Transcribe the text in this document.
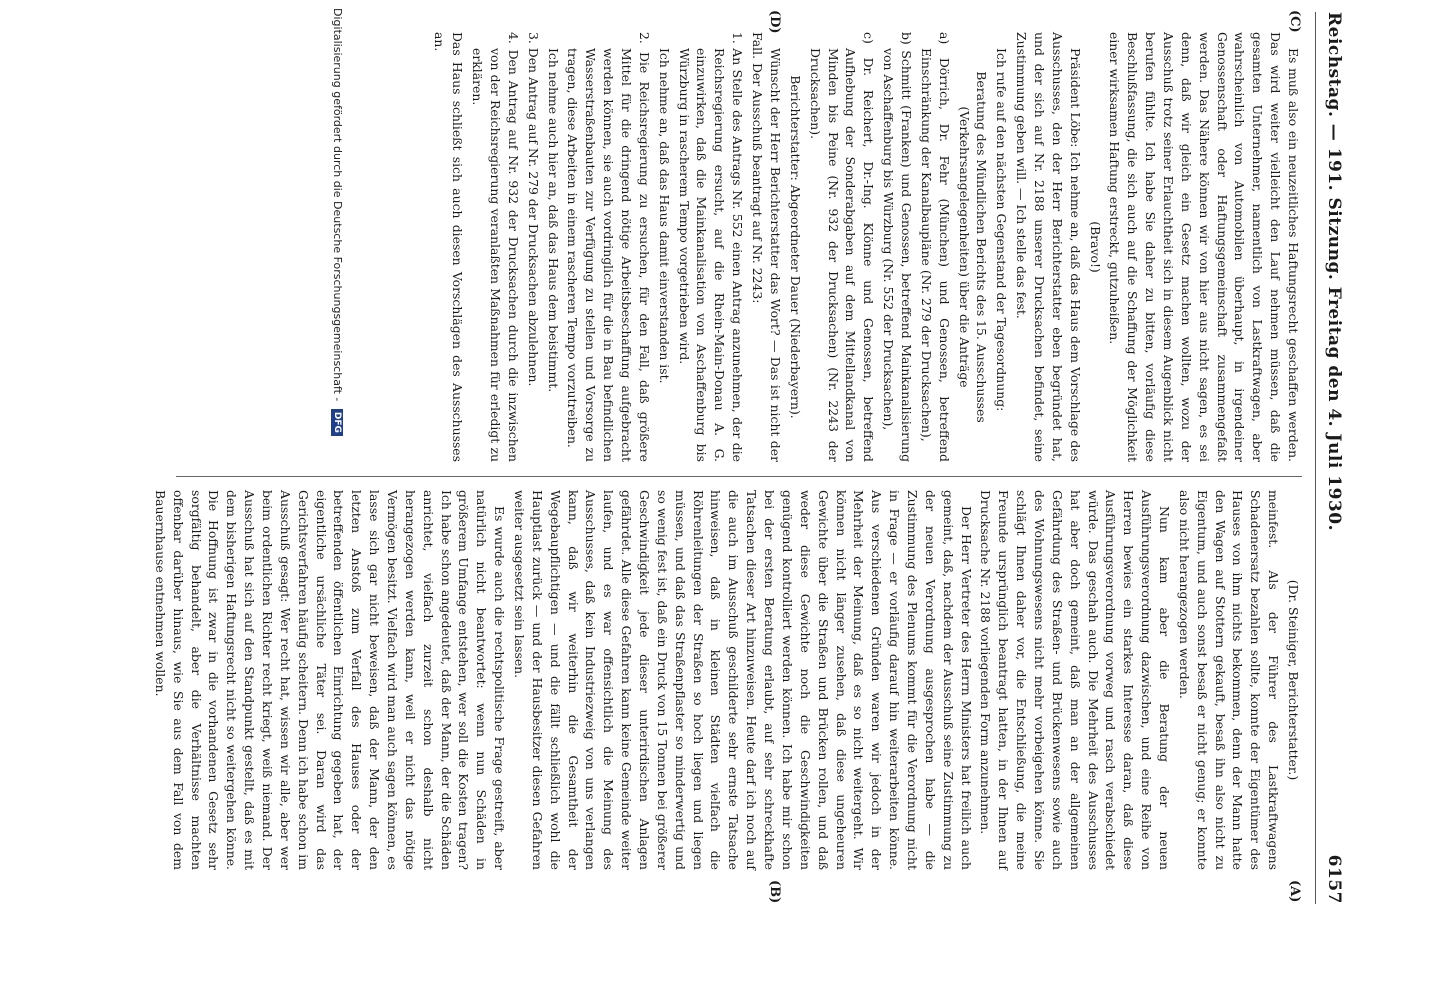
Reichstag. — 191. Sitzung. Freitag den 4. Juli 1930.
6157
(A)
(B)
(C)
(D)

(Dr. Steiniger, Berichterstatter.)

meinfest. Als der Führer des Lastkraftwagens Schadenersatz bezahlen sollte, konnte der Eigentümer des Hauses von ihm nichts bekommen, denn der Mann hatte den Wagen auf Stottern gekauft, besaß ihn also nicht zu Eigentum, und auch sonst besaß er nicht genug; er konnte also nicht herangezogen werden.

Nun kam aber die Beratung der neuen Ausführungsverordnung dazwischen, und eine Reihe von Herren bewies ein starkes Interesse daran, daß diese Ausführungsverordnung vorweg und rasch verabschiedet würde. Das geschah auch. Die Mehrheit des Ausschusses hat aber doch gemeint, daß man an der allgemeinen Gefährdung des Straßen- und Brückenwesens sowie auch des Wohnungswesens nicht mehr vorbeigehen könne. Sie schlägt Ihnen daher vor, die Entschließung, die meine Freunde ursprünglich beantragt hatten, in der Ihnen auf Drucksache Nr. 2188 vorliegenden Form anzunehmen.

Der Herr Vertreter des Herrn Ministers hat freilich auch gemeint, daß, nachdem der Ausschuß seine Zustimmung zu der neuen Verordnung ausgesprochen habe — die Zustimmung des Plenums kommt für die Verordnung nicht in Frage — er vorläufig darauf hin weiterarbeiten könne. Aus verschiedenen Gründen waren wir jedoch in der Mehrheit der Meinung, daß es so nicht weitergeht. Wir können nicht länger zusehen, daß diese ungeheuren Gewichte über die Straßen und Brücken rollen, und daß weder diese Gewichte noch die Geschwindigkeiten genügend kontrolliert werden können. Ich habe mir schon bei der ersten Beratung erlaubt, auf sehr schreckhafte Tatsachen dieser Art hinzuweisen. Heute darf ich noch auf die auch im Ausschuß geschilderte sehr ernste Tatsache hinweisen, daß in kleinen Städten vielfach die Röhrenleitungen der Straßen so hoch liegen und liegen müssen, und daß das Straßenpflaster so minderwertig und so wenig fest ist, daß ein Druck von 15 Tonnen bei größerer Geschwindigkeit jede dieser unterirdischen Anlagen gefährdet. Alle diese Gefahren kann keine Gemeinde weiter laufen, und es war offensichtlich die Meinung des Ausschusses, daß kein Industriezweig von uns verlangen kann, daß wir weiterhin die Gesamtheit der Wegebaupflichtigen — und die fällt schließlich wohl die Hauptlast zurück — und der Hausbesitzer diesen Gefahren weiter ausgesetzt sein lassen.

Es wurde auch die rechtspolitische Frage gestreift, aber natürlich nicht beantwortet: wenn nun Schäden in größerem Umfange entstehen, wer soll die Kosten tragen? Ich habe schon angedeutet, daß der Mann, der die Schäden anrichtet, vielfach zurzeit schon deshalb nicht herangezogen werden kann, weil er nicht das nötige Vermögen besitzt. Vielfach wird man auch sagen können, es lasse sich gar nicht beweisen, daß der Mann, der den letzten Anstoß zum Verfall des Hauses oder der betreffenden öffentlichen Einrichtung gegeben hat, der eigentliche ursächliche Täter sei. Daran wird das Gerichtsverfahren häufig scheitern. Denn ich habe schon im Ausschuß gesagt: Wer recht hat, wissen wir alle, aber wer beim ordentlichen Richter recht kriegt, weiß niemand. Der Ausschuß hat sich auf den Standpunkt gestellt, daß es mit dem bisherigen Haftungsrecht nicht so weitergehen könne. Die Hoffnung ist zwar in die vorhandenen Gesetz sehr sorgfältig behandelt, aber die Verhältnisse machten offenbar darüber hinaus, wie Sie aus dem Fall von dem Bauernhause entnehmen wollen.

Es muß also ein neuzeitliches Haftungsrecht geschaffen werden. Das wird weiter vielleicht den Lauf nehmen müssen, daß die gesamten Unternehmer, namentlich von Lastkraftwagen, aber wahrscheinlich von Automobilen überhaupt, in irgendeiner Genossenschaft oder Haftungsgemeinschaft zusammengefaßt werden. Das Nähere können wir von hier aus nicht sagen, es sei denn, daß wir gleich ein Gesetz machen wollten, wozu der Ausschuß trotz seiner Erlauchtheit sich in diesem Augenblick nicht berufen fühlte. Ich habe Sie daher zu bitten, vorläufig diese Beschlußfassung, die sich auch auf die Schaffung der Möglichkeit einer wirksamen Haftung erstreckt, gutzuheißen.

(Bravo!)

Präsident Löbe: Ich nehme an, daß das Haus dem Vorschlage des Ausschusses, den der Herr Berichterstatter eben begründet hat, und der sich auf Nr. 2188 unserer Drucksachen befindet, seine Zustimmung geben will. — Ich stelle das fest.

Ich rufe auf den nächsten Gegenstand der Tagesordnung:

Beratung des Mündlichen Berichts des 15. Ausschusses (Verkehrsangelegenheiten) über die Anträge

a) Dörrich, Dr. Fehr (München) und Genossen, betreffend Einschränkung der Kanalbaupläne (Nr. 279 der Drucksachen),

b) Schmitt (Franken) und Genossen, betreffend Mainkanalisierung von Aschaffenburg bis Würzburg (Nr. 552 der Drucksachen),

c) Dr. Reichert, Dr.-Ing. Klönne und Genossen, betreffend Aufhebung der Sonderabgaben auf dem Mittellandkanal von Minden bis Peine (Nr. 932 der Drucksachen) (Nr. 2243 der Drucksachen).

Berichterstatter: Abgeordneter Dauer (Niederbayern).

Wünscht der Herr Berichterstatter das Wort? — Das ist nicht der Fall. Der Ausschuß beantragt auf Nr. 2243:

1. An Stelle des Antrags Nr. 552 einen Antrag anzunehmen, der die Reichsregierung ersucht, auf die Rhein-Main-Donau A. G. einzuwirken, daß die Mainkanalisation von Aschaffenburg bis Würzburg in rascherem Tempo vorgetrieben wird.

Ich nehme an, daß das Haus damit einverstanden ist.

2. Die Reichsregierung zu ersuchen, für den Fall, daß größere Mittel für die dringend nötige Arbeitsbeschaffung aufgebracht werden können, sie auch vordringlich für die in Bau befindlichen Wasserstraßenbauten zur Verfügung zu stellen und Vorsorge zu tragen, diese Arbeiten in einem rascheren Tempo vorzutreiben.

Ich nehme auch hier an, daß das Haus dem beistimmt.

3. Den Antrag auf Nr. 279 der Drucksachen abzulehnen.

4. Den Antrag auf Nr. 932 der Drucksachen durch die inzwischen von der Reichsregierung veranlaßten Maßnahmen für erledigt zu erklären.

Das Haus schließt sich auch diesen Vorschlägen des Ausschusses an.

Digitalisierung gefördert durch die Deutsche Forschungsgemeinschaft - DFG
